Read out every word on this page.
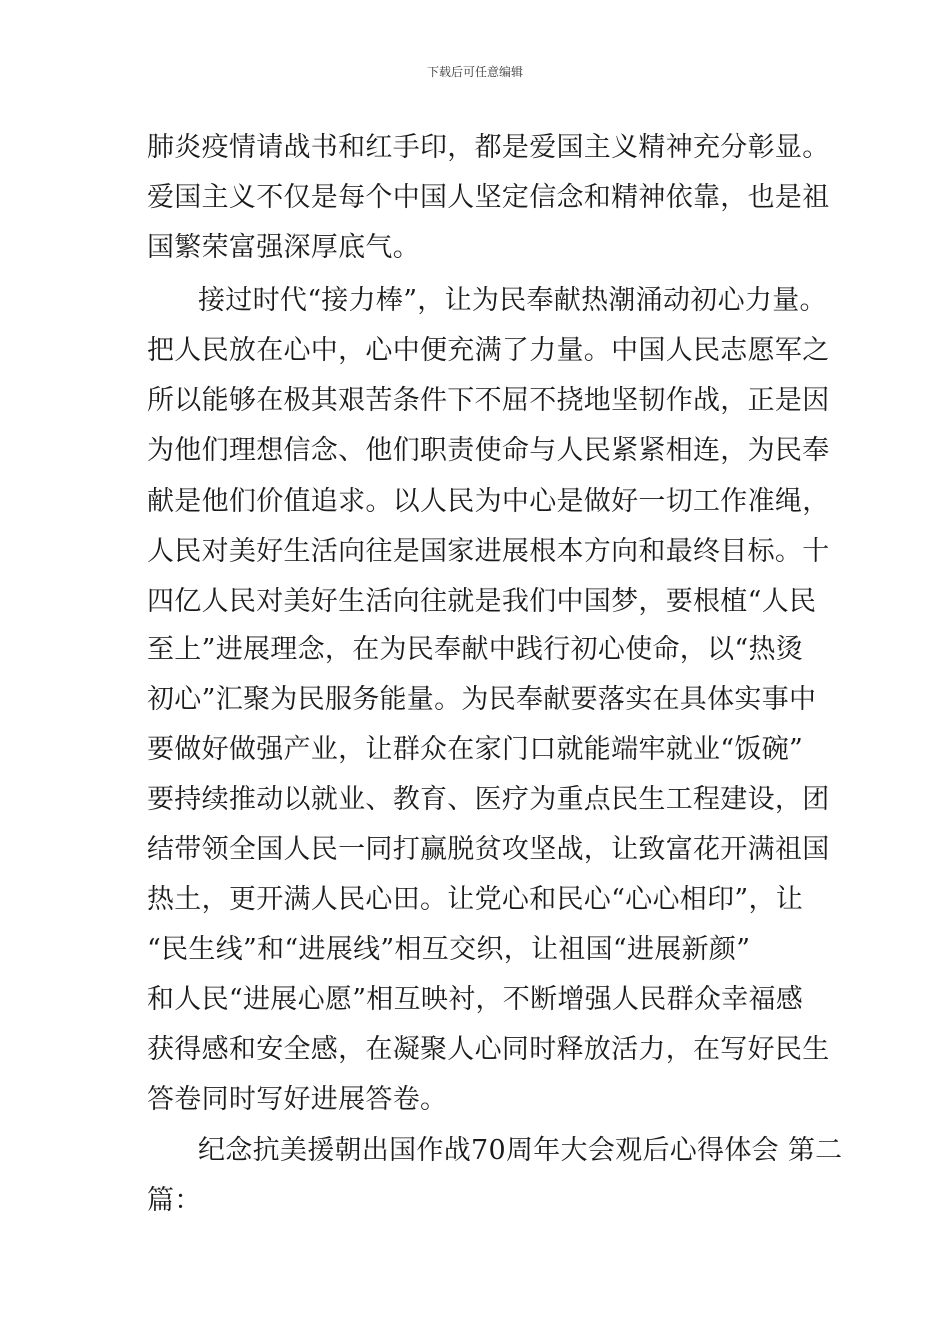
下载后可任意编辑
肺炎疫情请战书和红手印，都是爱国主义精神充分彰显。
爱国主义不仅是每个中国人坚定信念和精神依靠，也是祖
国繁荣富强深厚底气。
接过时代“接力棒”，让为民奉献热潮涌动初心力量。
把人民放在心中，心中便充满了力量。中国人民志愿军之
所以能够在极其艰苦条件下不屈不挠地坚韧作战，正是因
为他们理想信念、他们职责使命与人民紧紧相连，为民奉
献是他们价值追求。以人民为中心是做好一切工作准绳，
人民对美好生活向往是国家进展根本方向和最终目标。十
四亿人民对美好生活向往就是我们中国梦，要根植“人民
至上”进展理念，在为民奉献中践行初心使命，以“热烫
初心”汇聚为民服务能量。为民奉献要落实在具体实事中
要做好做强产业，让群众在家门口就能端牢就业“饭碗”
要持续推动以就业、教育、医疗为重点民生工程建设，团
结带领全国人民一同打赢脱贫攻坚战，让致富花开满祖国
热土，更开满人民心田。让党心和民心“心心相印”，让
“民生线”和“进展线”相互交织，让祖国“进展新颜”
和人民“进展心愿”相互映衬，不断增强人民群众幸福感
获得感和安全感，在凝聚人心同时释放活力，在写好民生
答卷同时写好进展答卷。
纪念抗美援朝出国作战70周年大会观后心得体会 第二
篇：
